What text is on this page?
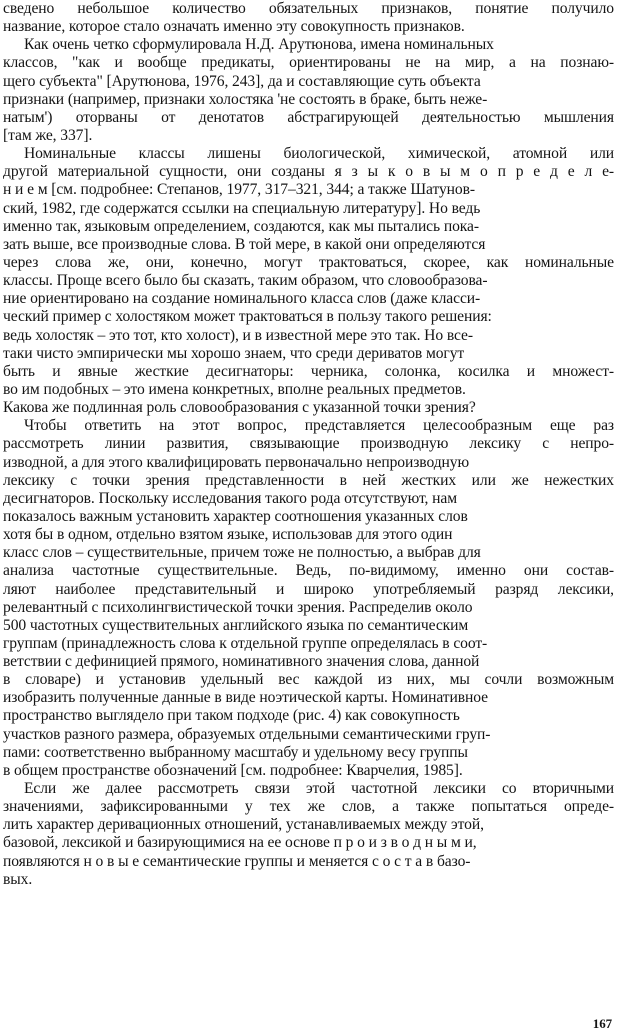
сведено небольшое количество обязательных признаков, понятие получило
название, которое стало означать именно эту совокупность признаков.
Как очень четко сформулировала Н.Д. Арутюнова, имена номинальных
классов, "как и вообще предикаты, ориентированы не на мир, а на познаю-
щего субъекта" [Арутюнова, 1976, 243], да и составляющие суть объекта
признаки (например, признаки холостяка 'не состоять в браке, быть неже-
натым') оторваны от денотатов абстрагирующей деятельностью мышления
[там же, 337].
Номинальные классы лишены биологической, химической, атомной или
другой материальной сущности, они созданы я з ы к о в ы м о п р е д е л е-
н и е м [см. подробнее: Степанов, 1977, 317–321, 344; а также Шатунов-
ский, 1982, где содержатся ссылки на специальную литературу]. Но ведь
именно так, языковым определением, создаются, как мы пытались пока-
зать выше, все производные слова. В той мере, в какой они определяются
через слова же, они, конечно, могут трактоваться, скорее, как номинальные
классы. Проще всего было бы сказать, таким образом, что словообразова-
ние ориентировано на создание номинального класса слов (даже класси-
ческий пример с холостяком может трактоваться в пользу такого решения:
ведь холостяк – это тот, кто холост), и в известной мере это так. Но все-
таки чисто эмпирически мы хорошо знаем, что среди дериватов могут
быть и явные жесткие десигнаторы: черника, солонка, косилка и множест-
во им подобных – это имена конкретных, вполне реальных предметов.
Какова же подлинная роль словообразования с указанной точки зрения?
Чтобы ответить на этот вопрос, представляется целесообразным еще раз
рассмотреть линии развития, связывающие производную лексику с непро-
изводной, а для этого квалифицировать первоначально непроизводную
лексику с точки зрения представленности в ней жестких или же нежестких
десигнаторов. Поскольку исследования такого рода отсутствуют, нам
показалось важным установить характер соотношения указанных слов
хотя бы в одном, отдельно взятом языке, использовав для этого один
класс слов – существительные, причем тоже не полностью, а выбрав для
анализа частотные существительные. Ведь, по-видимому, именно они состав-
ляют наиболее представительный и широко употребляемый разряд лексики,
релевантный с психолингвистической точки зрения. Распределив около
500 частотных существительных английского языка по семантическим
группам (принадлежность слова к отдельной группе определялась в соот-
ветствии с дефиницией прямого, номинативного значения слова, данной
в словаре) и установив удельный вес каждой из них, мы сочли возможным
изобразить полученные данные в виде ноэтической карты. Номинативное
пространство выглядело при таком подходе (рис. 4) как совокупность
участков разного размера, образуемых отдельными семантическими груп-
пами: соответственно выбранному масштабу и удельному весу группы
в общем пространстве обозначений [см. подробнее: Кварчелия, 1985].
Если же далее рассмотреть связи этой частотной лексики со вторичными
значениями, зафиксированными у тех же слов, а также попытаться опреде-
лить характер деривационных отношений, устанавливаемых между этой,
базовой, лексикой и базирующимися на ее основе п р о и з в о д н ы м и,
появляются н о в ы е семантические группы и меняется с о с т а в базо-
вых.
167
